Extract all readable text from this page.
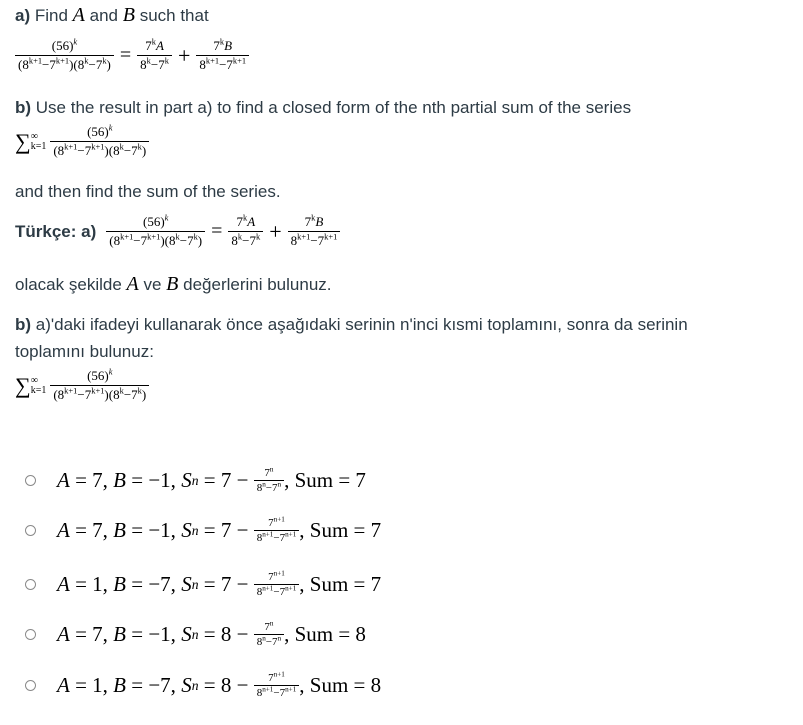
a) Find A and B such that
$\frac{(56)^k}{(8^{k+1}-7^{k+1})(8^k-7^k)} = \frac{7^kA}{8^k-7^k} + \frac{7^kB}{8^{k+1}-7^{k+1}}$
b) Use the result in part a) to find a closed form of the nth partial sum of the series
∑ ∞
$k=1 \frac{(56)^k}{(8^{k+1}-7^{k+1})(8^k-7^k)}$
and then find the sum of the series.
Türkçe: $a) \frac{(56)^k}{(8^{k+1}-7^{k+1})(8^k-7^k)} = \frac{7^kA}{8^k-7^k} + \frac{7^kB}{8^{k+1}-7^{k+1}}$
olacak şekilde A ve B değerlerini bulunuz.
b) a)'daki ifadeyi kullanarak önce aşağıdaki serinin n'inci kısmi toplamını, sonra da serinin
toplamını bulunuz:
∑ ∞
$k=1 \frac{(56)^k}{(8^{k+1}-7^{k+1})(8^k-7^k)}$
A = 7, B = −1, S $n = 7 - \frac{7^n}{8^n-7^n}$ , Sum = 7
A = 7, B = −1, S $n = 7 - \frac{7^{n+1}}{8^{n+1}-7^{n+1}}$ , Sum = 7
A = 1, B = −7, S $n = 7 - \frac{7^{n+1}}{8^{n+1}-7^{n+1}}$ , Sum = 7
A = 7, B = −1, S $n = 8 - \frac{7^n}{8^n-7^n}$ , Sum = 8
A = 1, B = −7, S $n = 8 - \frac{7^{n+1}}{8^{n+1}-7^{n+1}}$ , Sum = 8
